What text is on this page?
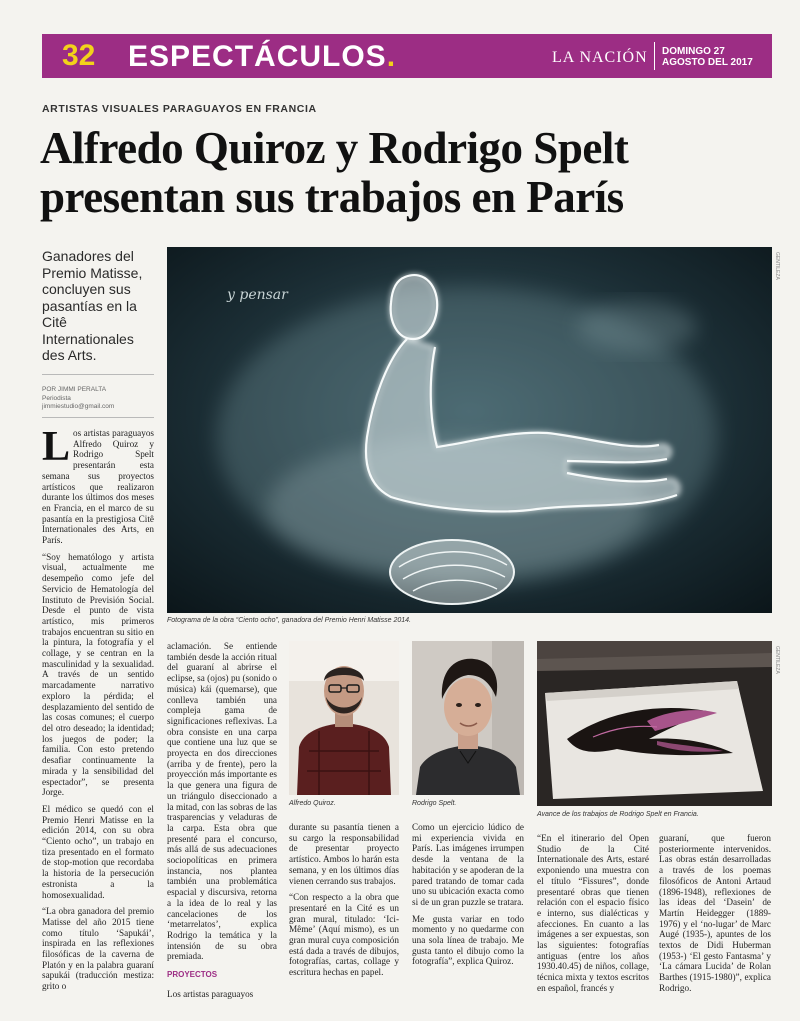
32 ESPECTÁCULOS.	LA NACIÓN DOMINGO 27
AGOSTO DEL 2017
ARTISTAS VISUALES PARAGUAYOS EN FRANCIA
Alfredo Quiroz y Rodrigo Spelt presentan sus trabajos en París
Ganadores del Premio Matisse, concluyen sus pasantías en la Citê Internationales des Arts.
POR JIMMI PERALTA
Periodista
jimmiestudio@gmail.com
y pensar
GENTILEZA
Fotograma de la obra “Ciento ocho”, ganadora del Premio Henri Matisse 2014.
Alfredo Quiroz.	Rodrigo Spelt.
GENTILEZA
Avance de los trabajos de Rodrigo Spelt en Francia.

Los artistas paraguayos Alfredo Quiroz y Rodrigo Spelt presentarán esta semana sus proyectos artísticos que realizaron durante los últimos dos meses en Francia, en el marco de su pasantía en la prestigiosa Citê Internationales des Arts, en París.

“Soy hematólogo y artista visual, actualmente me desempeño como jefe del Servicio de Hematología del Instituto de Previsión Social. Desde el punto de vista artístico, mis primeros trabajos encuentran su sitio en la pintura, la fotografía y el collage, y se centran en la masculinidad y la sexualidad. A través de un sentido marcadamente narrativo exploro la pérdida; el desplazamiento del sentido de las cosas comunes; el cuerpo del otro deseado; la identidad; los juegos de poder; la familia. Con esto pretendo desafiar continuamente la mirada y la sensibilidad del espectador”, se presenta Jorge.

El médico se quedó con el Premio Henri Matisse en la edición 2014, con su obra “Ciento ocho”, un trabajo en tiza presentado en el formato de stop-motion que recordaba la historia de la persecución estronista a la homosexualidad.

“La obra ganadora del premio Matisse del año 2015 tiene como título ‘Sapukái’, inspirada en las reflexiones filosóficas de la caverna de Platón y en la palabra guaraní sapukái (traducción mestiza: grito o

aclamación. Se entiende también desde la acción ritual del guaraní al abrirse el eclipse, sa (ojos) pu (sonido o música) kái (quemarse), que conlleva también una compleja gama de significaciones reflexivas. La obra consiste en una carpa que contiene una luz que se proyecta en dos direcciones (arriba y de frente), pero la proyección más importante es la que genera una figura de un triángulo diseccionado a la mitad, con las sobras de las trasparencias y veladuras de la carpa. Esta obra que presenté para el concurso, más allá de sus adecuaciones sociopolíticas en primera instancia, nos plantea también una problemática espacial y discursiva, retorna a la idea de lo real y las cancelaciones de los ‘metarrelatos’, explica Rodrigo la temática y la intensión de su obra premiada.

PROYECTOS

Los artistas paraguayos

durante su pasantía tienen a su cargo la responsabilidad de presentar proyecto artístico. Ambos lo harán esta semana, y en los últimos días vienen cerrando sus trabajos.

“Con respecto a la obra que presentaré en la Cité es un gran mural, titulado: ‘Ici-Même’ (Aquí mismo), es un gran mural cuya composición está dada a través de dibujos, fotografías, cartas, collage y escritura hechas en papel.

Como un ejercicio lúdico de mi experiencia vivida en París. Las imágenes irrumpen desde la ventana de la habitación y se apoderan de la pared tratando de tomar cada uno su ubicación exacta como si de un gran puzzle se tratara.

Me gusta variar en todo momento y no quedarme con una sola línea de trabajo. Me gusta tanto el dibujo como la fotografía”, explica Quiroz.

“En el itinerario del Open Studio de la Cité Internationale des Arts, estaré exponiendo una muestra con el título “Fissures”, donde presentaré obras que tienen relación con el espacio físico e interno, sus dialécticas y afecciones. En cuanto a las imágenes a ser expuestas, son las siguientes: fotografías antiguas (entre los años 1930.40.45) de niños, collage, técnica mixta y textos escritos en español, francés y

guaraní, que fueron posteriormente intervenidos. Las obras están desarrolladas a través de los poemas filosóficos de Antoni Artaud (1896-1948), reflexiones de las ideas del ‘Dasein’ de Martín Heidegger (1889-1976) y el ‘no-lugar’ de Marc Augé (1935-), apuntes de los textos de Didi Huberman (1953-) ‘El gesto Fantasma’ y ‘La cámara Lucida’ de Rolan Barthes (1915-1980)”, explica Rodrigo.
